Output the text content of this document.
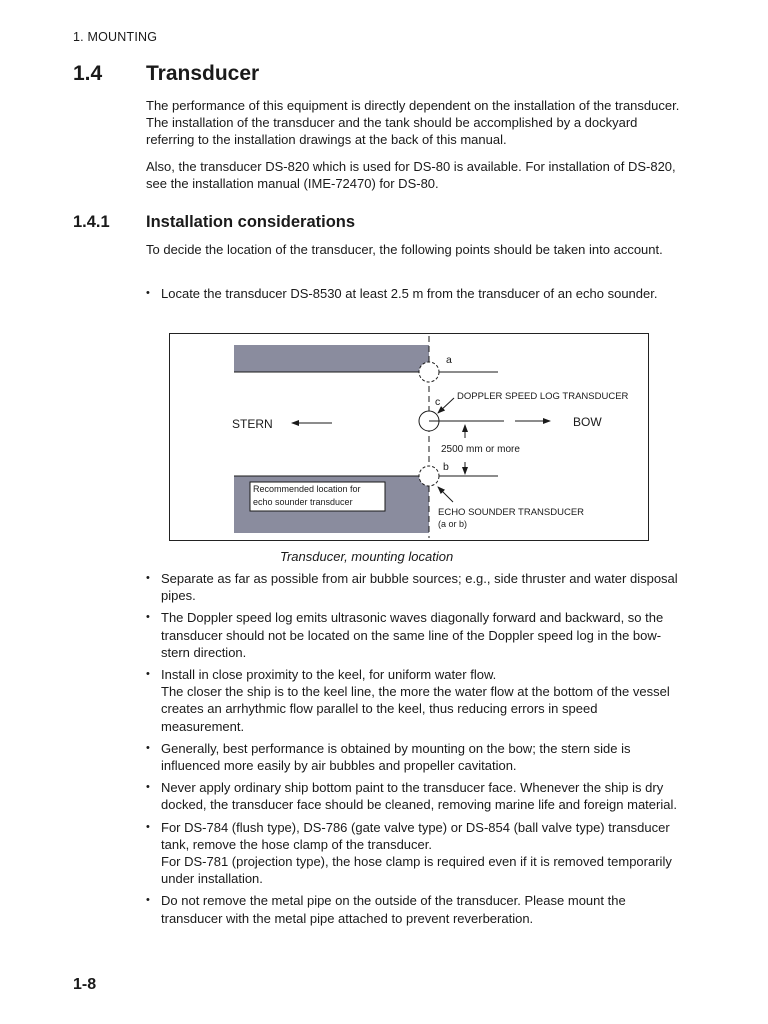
1. MOUNTING
1.4 Transducer

The performance of this equipment is directly dependent on the installation of the transducer. The installation of the transducer and the tank should be accomplished by a dockyard referring to the installation drawings at the back of this manual.

Also, the transducer DS-820 which is used for DS-80 is available. For installation of DS-820, see the installation manual (IME-72470) for DS-80.

1.4.1 Installation considerations

To decide the location of the transducer, the following points should be taken into account.

• Locate the transducer DS-8530 at least 2.5 m from the transducer of an echo sounder.
a
c
b
DOPPLER SPEED LOG TRANSDUCER
STERN	BOW
2500 mm or more
Recommended location for
echo sounder transducer
ECHO SOUNDER TRANSDUCER
(a or b)
Transducer, mounting location
• Separate as far as possible from air bubble sources; e.g., side thruster and water disposal pipes.
• The Doppler speed log emits ultrasonic waves diagonally forward and backward, so the transducer should not be located on the same line of the Doppler speed log in the bow-stern direction.
• Install in close proximity to the keel, for uniform water flow.
The closer the ship is to the keel line, the more the water flow at the bottom of the vessel creates an arrhythmic flow parallel to the keel, thus reducing errors in speed measurement.
• Generally, best performance is obtained by mounting on the bow; the stern side is influenced more easily by air bubbles and propeller cavitation.
• Never apply ordinary ship bottom paint to the transducer face. Whenever the ship is dry docked, the transducer face should be cleaned, removing marine life and foreign material.
• For DS-784 (flush type), DS-786 (gate valve type) or DS-854 (ball valve type) transducer tank, remove the hose clamp of the transducer.
For DS-781 (projection type), the hose clamp is required even if it is removed temporarily under installation.
• Do not remove the metal pipe on the outside of the transducer. Please mount the transducer with the metal pipe attached to prevent reverberation.
1-8
